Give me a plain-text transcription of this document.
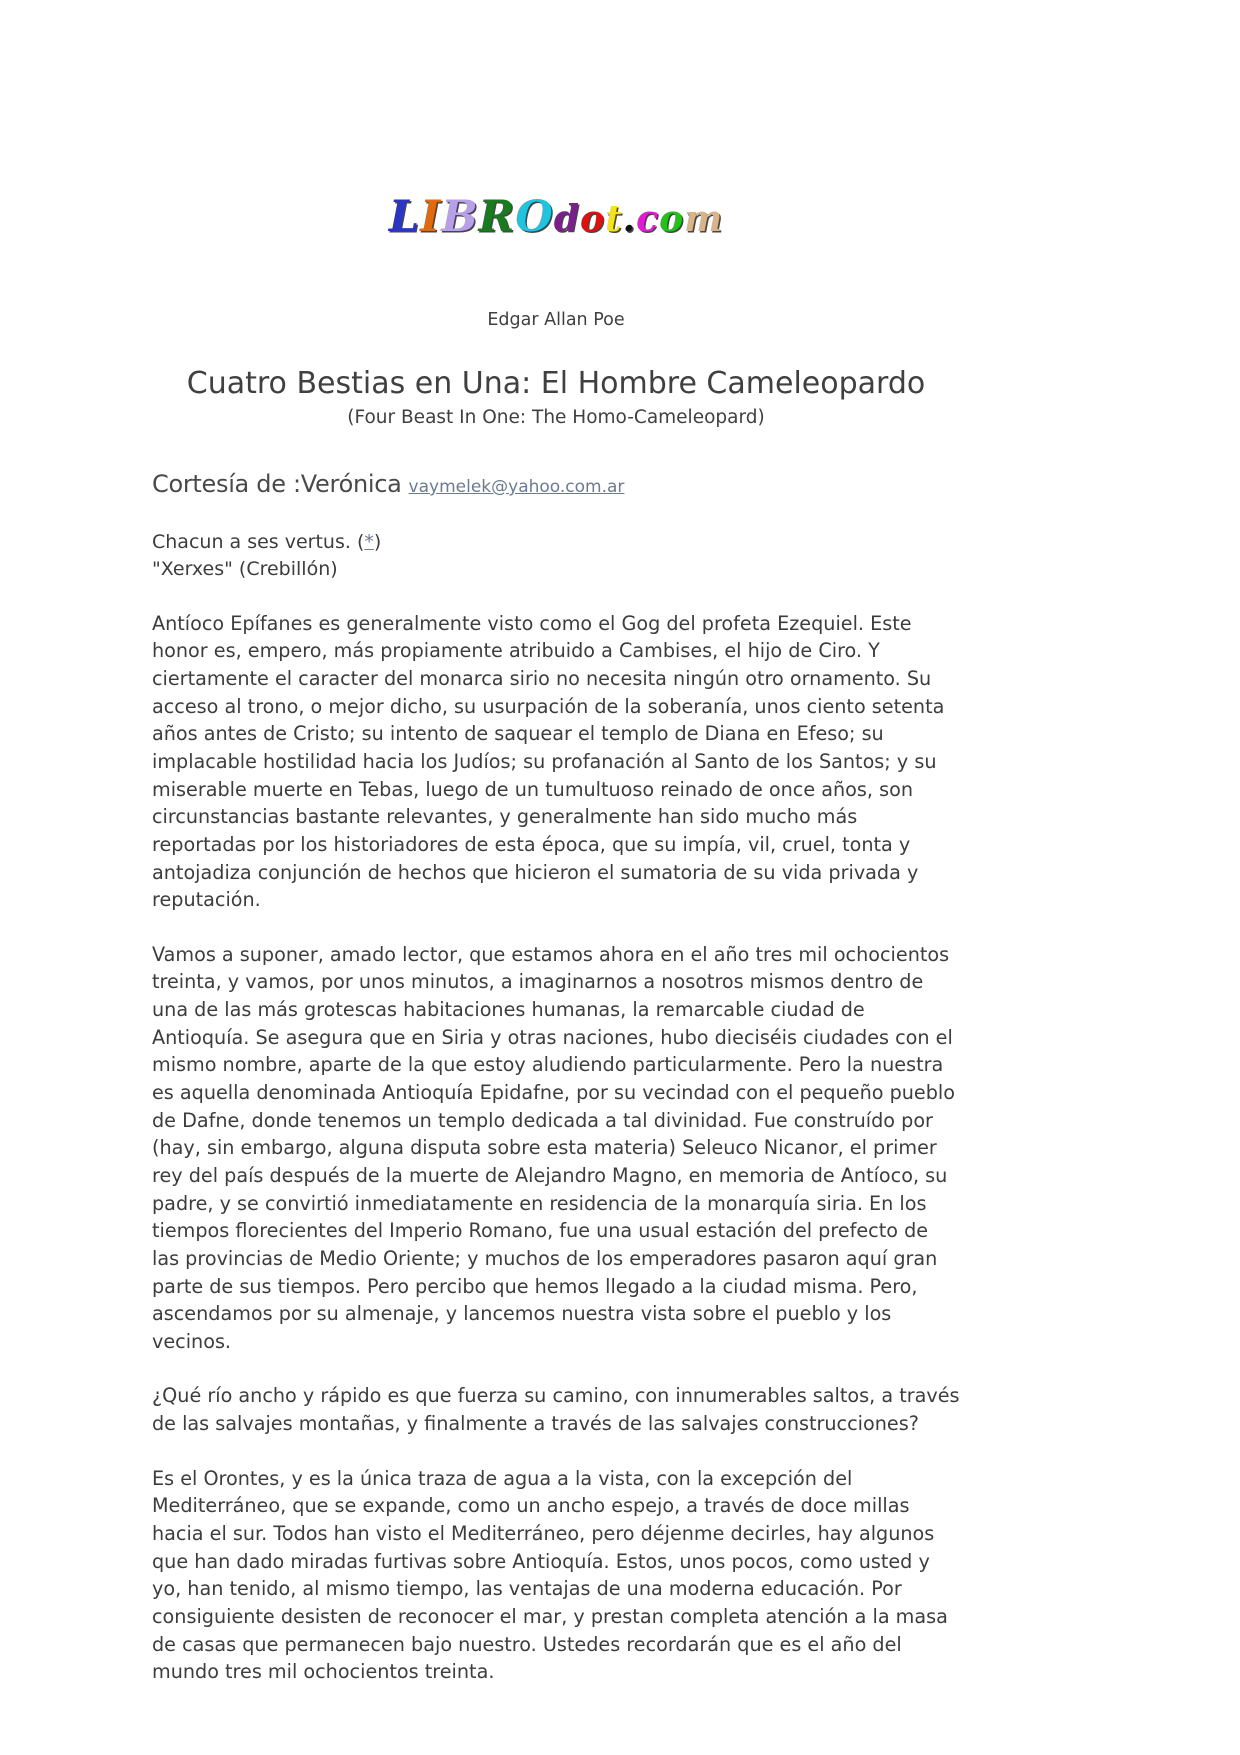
LIBROdot.com
Edgar Allan Poe
Cuatro Bestias en Una: El Hombre Cameleopardo
(Four Beast In One: The Homo-Cameleopard)
Cortesía de :Verónica vaymelek@yahoo.com.ar
Chacun a ses vertus. (*)
"Xerxes" (Crebillón)

Antíoco Epífanes es generalmente visto como el Gog del profeta Ezequiel. Este honor es, empero, más propiamente atribuido a Cambises, el hijo de Ciro. Y ciertamente el caracter del monarca sirio no necesita ningún otro ornamento. Su acceso al trono, o mejor dicho, su usurpación de la soberanía, unos ciento setenta años antes de Cristo; su intento de saquear el templo de Diana en Efeso; su implacable hostilidad hacia los Judíos; su profanación al Santo de los Santos; y su miserable muerte en Tebas, luego de un tumultuoso reinado de once años, son circunstancias bastante relevantes, y generalmente han sido mucho más reportadas por los historiadores de esta época, que su impía, vil, cruel, tonta y antojadiza conjunción de hechos que hicieron el sumatoria de su vida privada y reputación.

Vamos a suponer, amado lector, que estamos ahora en el año tres mil ochocientos treinta, y vamos, por unos minutos, a imaginarnos a nosotros mismos dentro de una de las más grotescas habitaciones humanas, la remarcable ciudad de Antioquía. Se asegura que en Siria y otras naciones, hubo dieciséis ciudades con el mismo nombre, aparte de la que estoy aludiendo particularmente. Pero la nuestra es aquella denominada Antioquía Epidafne, por su vecindad con el pequeño pueblo de Dafne, donde tenemos un templo dedicada a tal divinidad. Fue construído por (hay, sin embargo, alguna disputa sobre esta materia) Seleuco Nicanor, el primer rey del país después de la muerte de Alejandro Magno, en memoria de Antíoco, su padre, y se convirtió inmediatamente en residencia de la monarquía siria. En los tiempos florecientes del Imperio Romano, fue una usual estación del prefecto de las provincias de Medio Oriente; y muchos de los emperadores pasaron aquí gran parte de sus tiempos. Pero percibo que hemos llegado a la ciudad misma. Pero, ascendamos por su almenaje, y lancemos nuestra vista sobre el pueblo y los vecinos.

¿Qué río ancho y rápido es que fuerza su camino, con innumerables saltos, a través de las salvajes montañas, y finalmente a través de las salvajes construcciones?

Es el Orontes, y es la única traza de agua a la vista, con la excepción del Mediterráneo, que se expande, como un ancho espejo, a través de doce millas hacia el sur. Todos han visto el Mediterráneo, pero déjenme decirles, hay algunos que han dado miradas furtivas sobre Antioquía. Estos, unos pocos, como usted y yo, han tenido, al mismo tiempo, las ventajas de una moderna educación. Por consiguiente desisten de reconocer el mar, y prestan completa atención a la masa de casas que permanecen bajo nuestro. Ustedes recordarán que es el año del mundo tres mil ochocientos treinta.
